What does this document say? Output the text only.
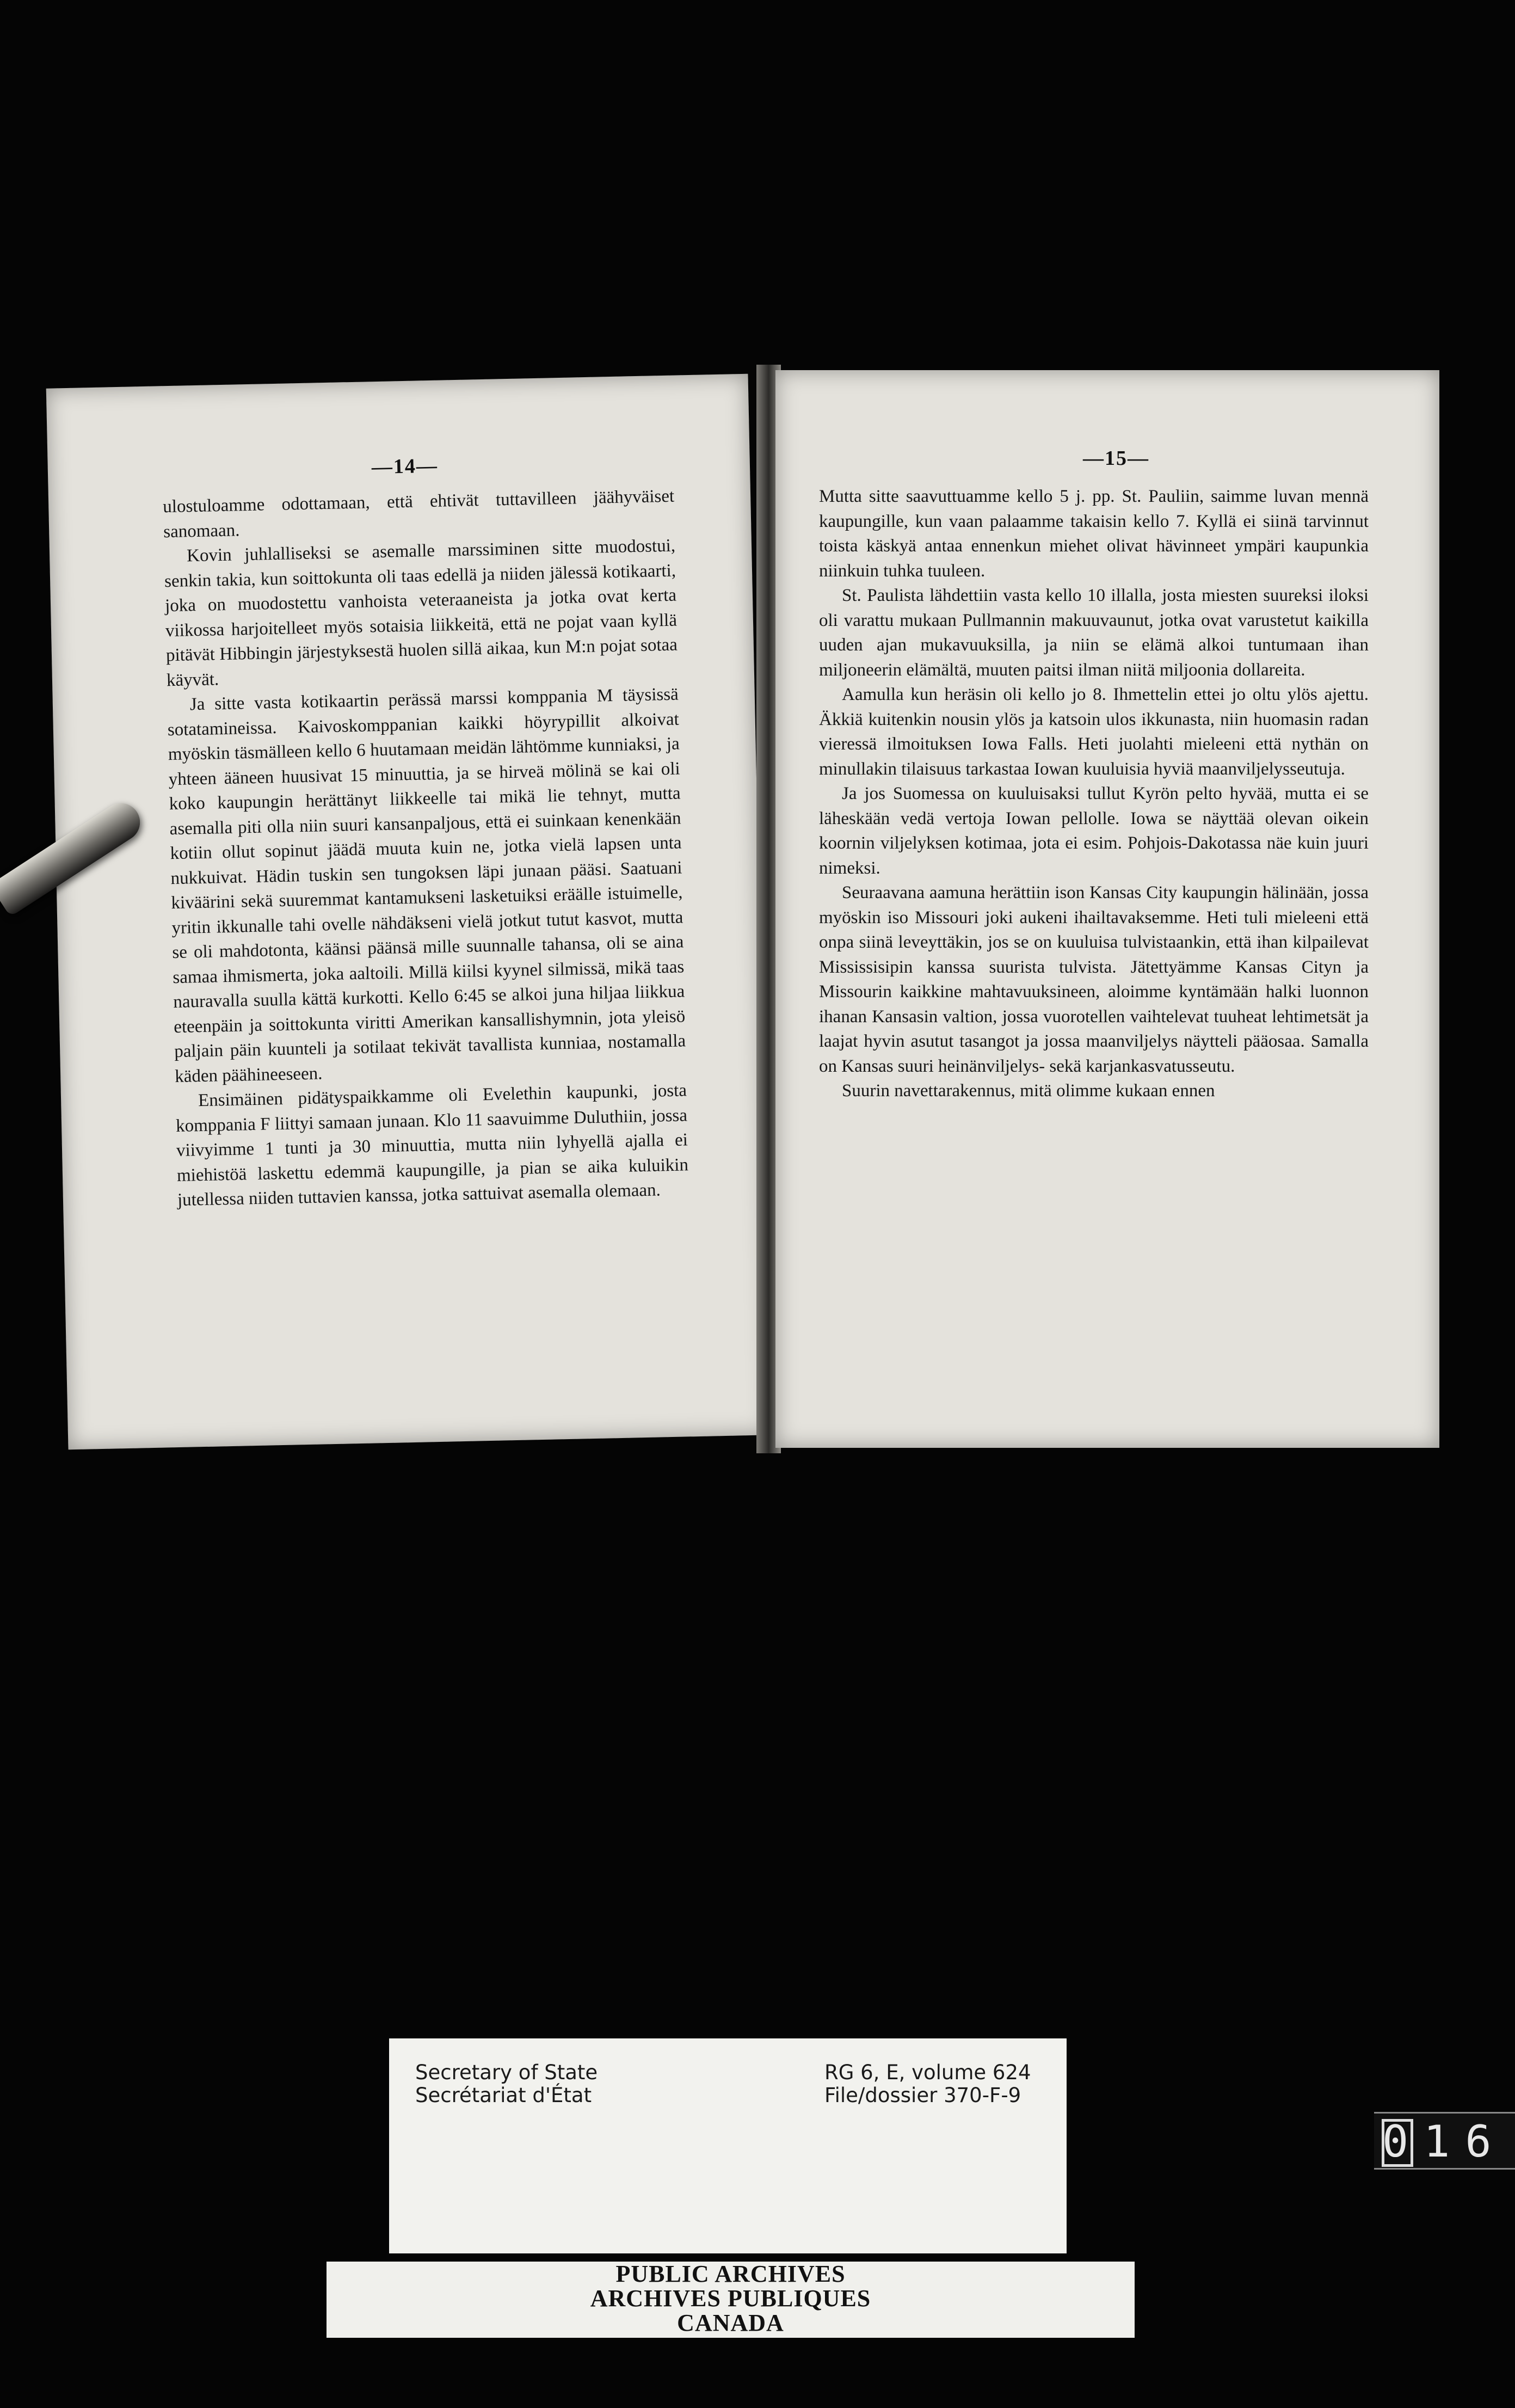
—14—

ulostuloamme odottamaan, että ehtivät tuttavilleen jäähyväiset sanomaan.

Kovin juhlalliseksi se asemalle marssiminen sitte muodostui, senkin takia, kun soittokunta oli taas edellä ja niiden jälessä kotikaarti, joka on muodostettu vanhoista veteraaneista ja jotka ovat kerta viikossa harjoitelleet myös sotaisia liikkeitä, että ne pojat vaan kyllä pitävät Hibbingin järjestyksestä huolen sillä aikaa, kun M:n pojat sotaa käyvät.

Ja sitte vasta kotikaartin perässä marssi komppania M täysissä sotatamineissa. Kaivoskomppanian kaikki höyrypillit alkoivat myöskin täsmälleen kello 6 huutamaan meidän lähtömme kunniaksi, ja yhteen ääneen huusivat 15 minuuttia, ja se hirveä mölinä se kai oli koko kaupungin herättänyt liikkeelle tai mikä lie tehnyt, mutta asemalla piti olla niin suuri kansanpaljous, että ei suinkaan kenenkään kotiin ollut sopinut jäädä muuta kuin ne, jotka vielä lapsen unta nukkuivat. Hädin tuskin sen tungoksen läpi junaan pääsi. Saatuani kiväärini sekä suuremmat kantamukseni lasketuiksi eräälle istuimelle, yritin ikkunalle tahi ovelle nähdäkseni vielä jotkut tutut kasvot, mutta se oli mahdotonta, käänsi päänsä mille suunnalle tahansa, oli se aina samaa ihmismerta, joka aaltoili. Millä kiilsi kyynel silmissä, mikä taas nauravalla suulla kättä kurkotti. Kello 6:45 se alkoi juna hiljaa liikkua eteenpäin ja soittokunta viritti Amerikan kansallishymnin, jota yleisö paljain päin kuunteli ja sotilaat tekivät tavallista kunniaa, nostamalla käden päähineeseen.

Ensimäinen pidätyspaikkamme oli Evelethin kaupunki, josta komppania F liittyi samaan junaan. Klo 11 saavuimme Duluthiin, jossa viivyimme 1 tunti ja 30 minuuttia, mutta niin lyhyellä ajalla ei miehistöä laskettu edemmä kaupungille, ja pian se aika kuluikin jutellessa niiden tuttavien kanssa, jotka sattuivat asemalla olemaan.

—15—

Mutta sitte saavuttuamme kello 5 j. pp. St. Pauliin, saimme luvan mennä kaupungille, kun vaan palaamme takaisin kello 7. Kyllä ei siinä tarvinnut toista käskyä antaa ennenkun miehet olivat hävinneet ympäri kaupunkia niinkuin tuhka tuuleen.

St. Paulista lähdettiin vasta kello 10 illalla, josta miesten suureksi iloksi oli varattu mukaan Pullmannin makuuvaunut, jotka ovat varustetut kaikilla uuden ajan mukavuuksilla, ja niin se elämä alkoi tuntumaan ihan miljoneerin elämältä, muuten paitsi ilman niitä miljoonia dollareita.

Aamulla kun heräsin oli kello jo 8. Ihmettelin ettei jo oltu ylös ajettu. Äkkiä kuitenkin nousin ylös ja katsoin ulos ikkunasta, niin huomasin radan vieressä ilmoituksen Iowa Falls. Heti juolahti mieleeni että nythän on minullakin tilaisuus tarkastaa Iowan kuuluisia hyviä maanviljelysseutuja.

Ja jos Suomessa on kuuluisaksi tullut Kyrön pelto hyvää, mutta ei se läheskään vedä vertoja Iowan pellolle. Iowa se näyttää olevan oikein koornin viljelyksen kotimaa, jota ei esim. Pohjois-Dakotassa näe kuin juuri nimeksi.

Seuraavana aamuna herättiin ison Kansas City kaupungin hälinään, jossa myöskin iso Missouri joki aukeni ihailtavaksemme. Heti tuli mieleeni että onpa siinä leveyttäkin, jos se on kuuluisa tulvistaankin, että ihan kilpailevat Mississisipin kanssa suurista tulvista. Jätettyämme Kansas Cityn ja Missourin kaikkine mahtavuuksineen, aloimme kyntämään halki luonnon ihanan Kansasin valtion, jossa vuorotellen vaihtelevat tuuheat lehtimetsät ja laajat hyvin asutut tasangot ja jossa maanviljelys näytteli pääosaa. Samalla on Kansas suuri heinänviljelys- sekä karjankasvatusseutu.

Suurin navettarakennus, mitä olimme kukaan ennen

Secretary of State
Secrétariat d'État
RG 6, E, volume 624
File/dossier 370-F-9
PUBLIC ARCHIVES
ARCHIVES PUBLIQUES
CANADA
016
